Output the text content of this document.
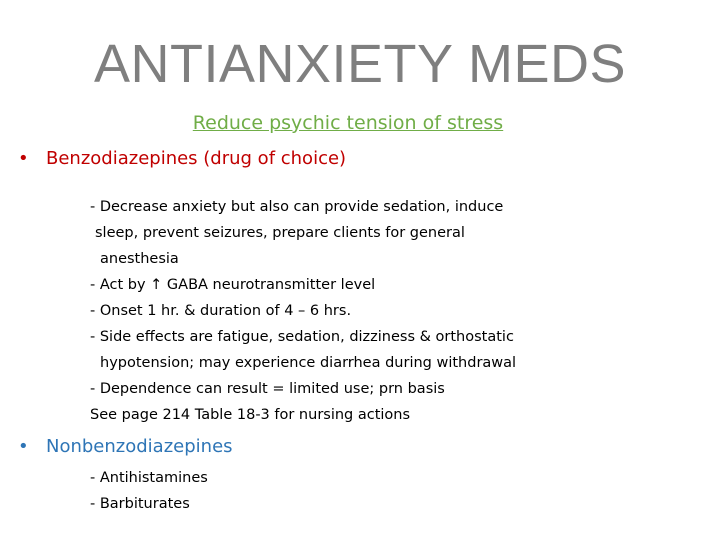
ANTIANXIETY MEDS
Reduce psychic tension of stress
• Benzodiazepines (drug of choice)
- Decrease anxiety but also can provide sedation, induce
sleep, prevent seizures, prepare clients for general
anesthesia
- Act by ↑ GABA neurotransmitter level
- Onset 1 hr. & duration of 4 – 6 hrs.
- Side effects are fatigue, sedation, dizziness & orthostatic
hypotension; may experience diarrhea during withdrawal
- Dependence can result = limited use; prn basis
See page 214 Table 18-3 for nursing actions
• Nonbenzodiazepines
- Antihistamines
- Barbiturates
